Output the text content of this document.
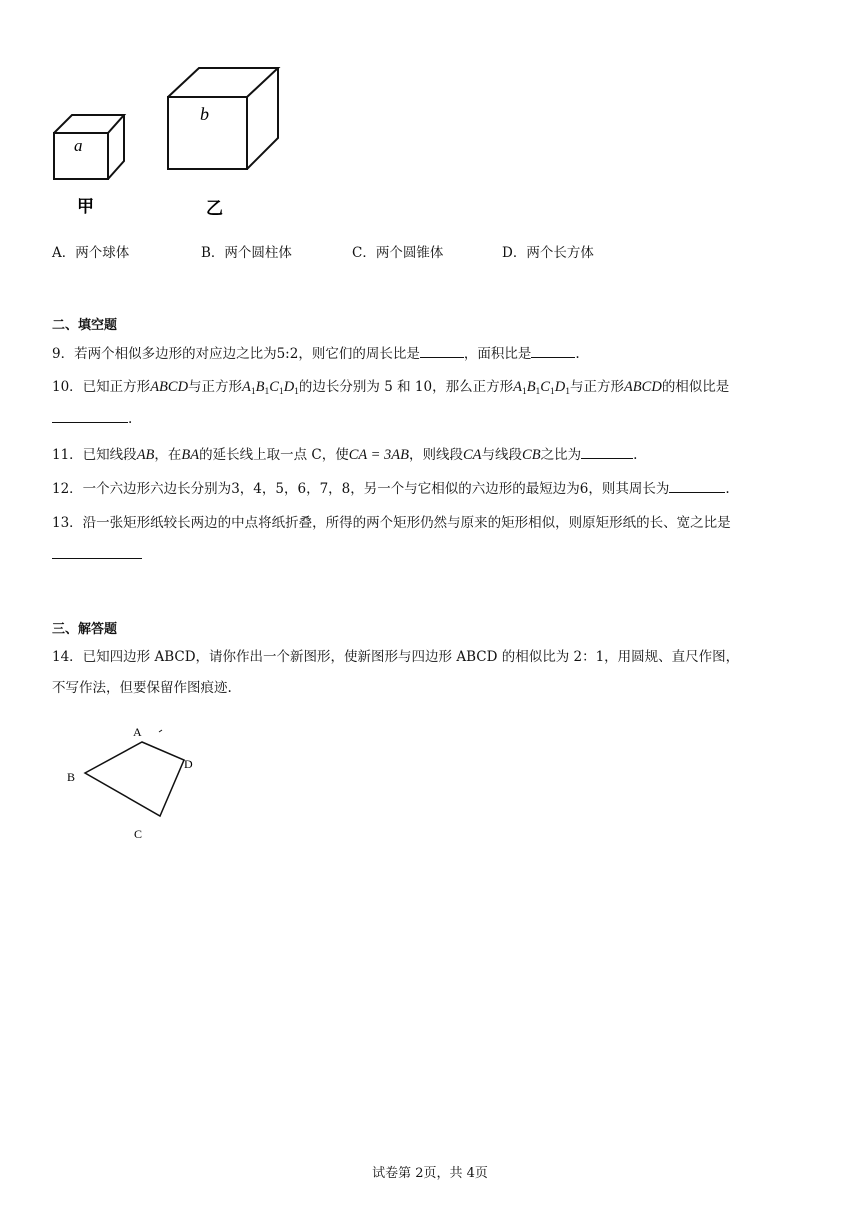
a
b
甲	乙
A．两个球体	B．两个圆柱体	C．两个圆锥体	D．两个长方体
二、填空题
9．若两个相似多边形的对应边之比为5:2，则它们的周长比是	，面积比是	.
10．已知正方形ABCD与正方形$A_1B_1C_1D_1$的边长分别为 5 和 10，那么正方形$A_1B_1C_1D_1$与正方形ABCD的相似比是
.
11．已知线段AB，在BA的延长线上取一点 C，使CA = 3AB，则线段CA与线段CB之比为	.
12．一个六边形六边长分别为3，4，5，6，7，8，另一个与它相似的六边形的最短边为6，则其周长为	.
13．沿一张矩形纸较长两边的中点将纸折叠，所得的两个矩形仍然与原来的矩形相似，则原矩形纸的长、宽之比是
三、解答题
14．已知四边形 ABCD，请你作出一个新图形，使新图形与四边形 ABCD 的相似比为 2：1，用圆规、直尺作图，
不写作法，但要保留作图痕迹.
A
B
C
D
试卷第 2页，共 4页
